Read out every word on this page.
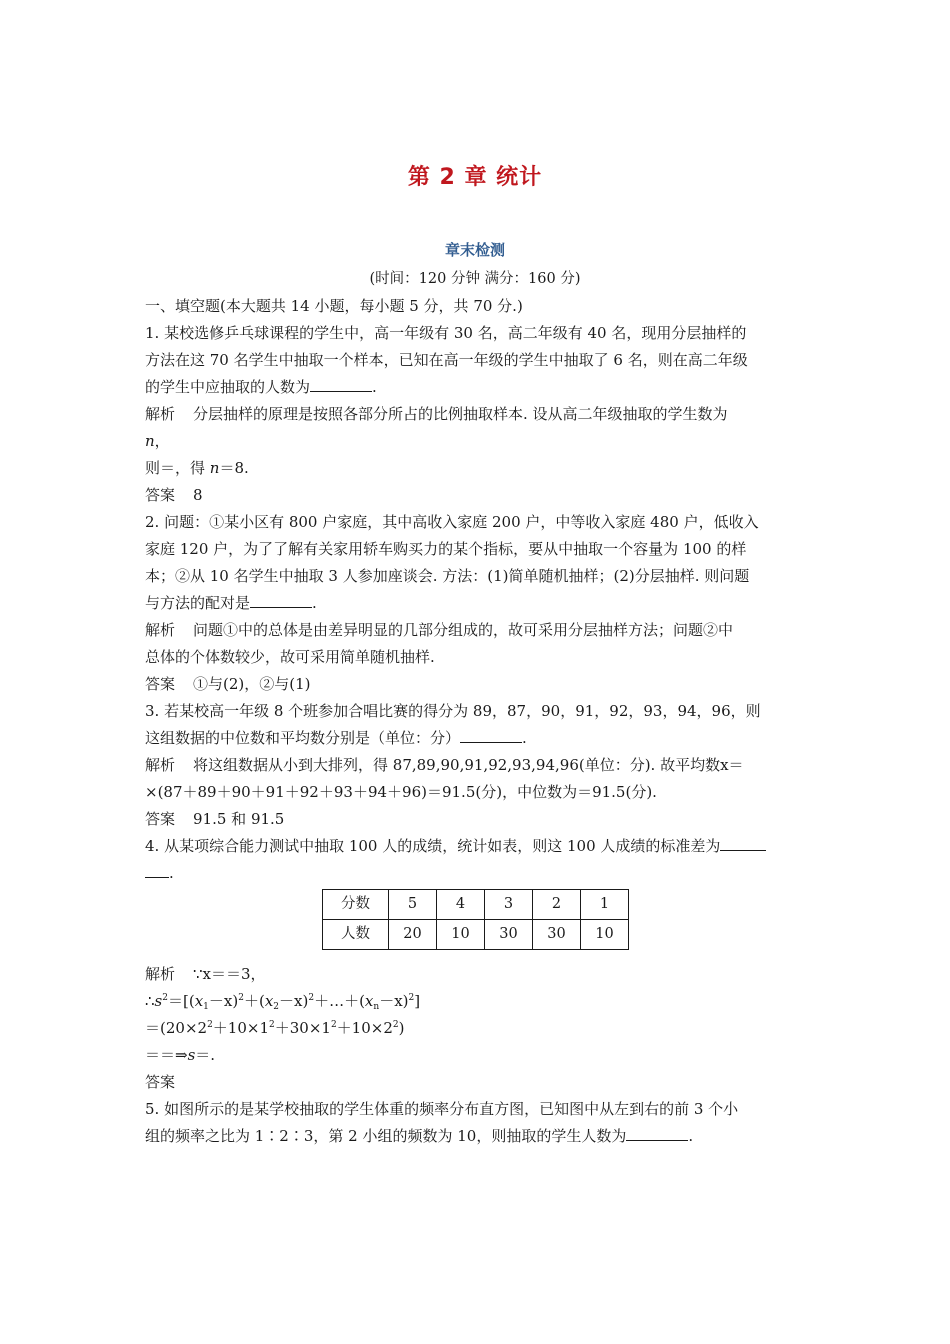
第 2 章 统计
章末检测
(时间：120 分钟 满分：160 分)
一、填空题(本大题共 14 小题，每小题 5 分，共 70 分.)
1. 某校选修乒乓球课程的学生中，高一年级有 30 名，高二年级有 40 名，现用分层抽样的
方法在这 70 名学生中抽取一个样本，已知在高一年级的学生中抽取了 6 名，则在高二年级
的学生中应抽取的人数为	.
解析 分层抽样的原理是按照各部分所占的比例抽取样本. 设从高二年级抽取的学生数为
n，
则＝，得 n＝8.
答案 8
2. 问题：①某小区有 800 户家庭，其中高收入家庭 200 户，中等收入家庭 480 户，低收入
家庭 120 户，为了了解有关家用轿车购买力的某个指标，要从中抽取一个容量为 100 的样
本；②从 10 名学生中抽取 3 人参加座谈会. 方法：(1)简单随机抽样；(2)分层抽样. 则问题
与方法的配对是	.
解析 问题①中的总体是由差异明显的几部分组成的，故可采用分层抽样方法；问题②中
总体的个体数较少，故可采用简单随机抽样.
答案 ①与(2)，②与(1)
3. 若某校高一年级 8 个班参加合唱比赛的得分为 89，87，90，91，92，93，94，96，则
这组数据的中位数和平均数分别是（单位：分）	.
解析 将这组数据从小到大排列，得 87,89,90,91,92,93,94,96(单位：分). 故平均数x＝
×(87＋89＋90＋91＋92＋93＋94＋96)＝91.5(分)，中位数为＝91.5(分).
答案 91.5 和 91.5
4. 从某项综合能力测试中抽取 100 人的成绩，统计如表，则这 100 人成绩的标准差为
.
分数	5	4	3	2	1
人数	20	10	30	30	10
解析 ∵x＝＝3，
$\therefore s^2=[(x_1-x)^2+(x_2-x)^2+\dots+(x_n-x)^2]$
$=(20\times 2^2+10\times 1^2+30\times 1^2+10\times 2^2)$
＝＝⇒s＝.
答案
5. 如图所示的是某学校抽取的学生体重的频率分布直方图，已知图中从左到右的前 3 个小
组的频率之比为 1∶2∶3，第 2 小组的频数为 10，则抽取的学生人数为	.
